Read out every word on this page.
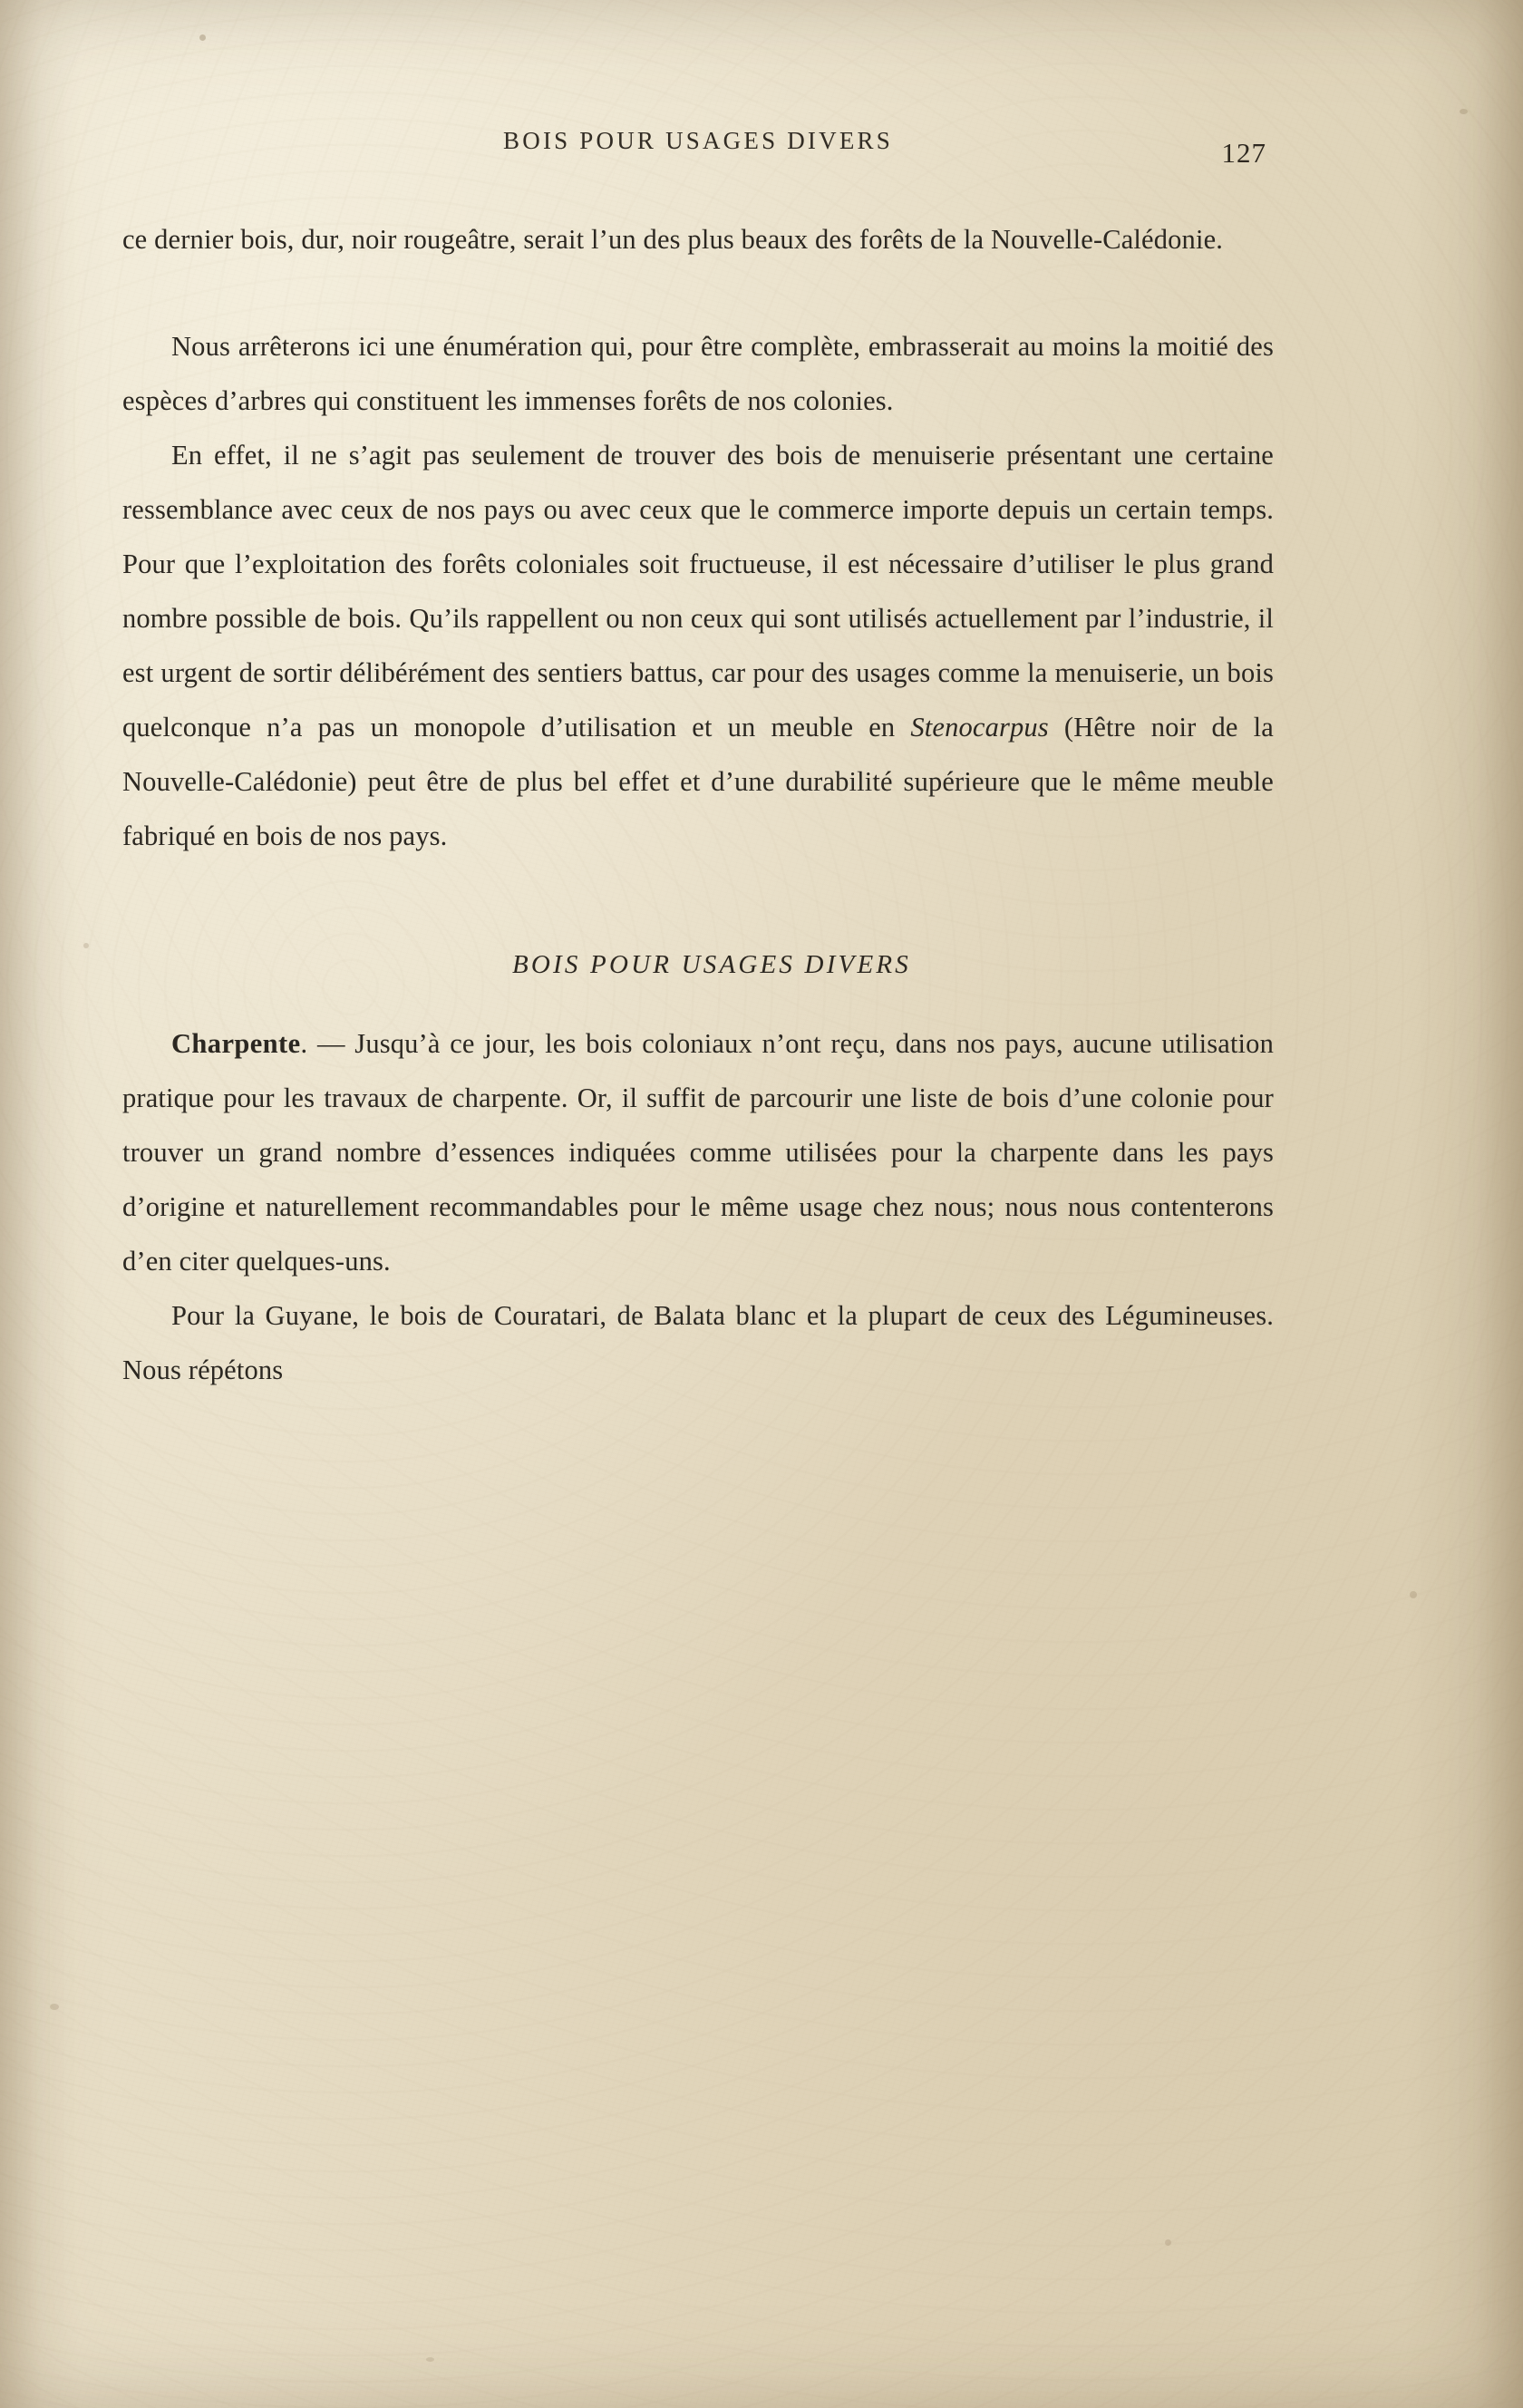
BOIS POUR USAGES DIVERS	127

ce dernier bois, dur, noir rougeâtre, serait l’un des plus beaux des forêts de la Nouvelle-Calédonie.

Nous arrêterons ici une énumération qui, pour être complète, embrasserait au moins la moitié des espèces d’arbres qui constituent les immenses forêts de nos colonies.

En effet, il ne s’agit pas seulement de trouver des bois de menuiserie présentant une certaine ressemblance avec ceux de nos pays ou avec ceux que le commerce importe depuis un certain temps. Pour que l’exploitation des forêts coloniales soit fructueuse, il est nécessaire d’utiliser le plus grand nombre possible de bois. Qu’ils rappellent ou non ceux qui sont utilisés actuellement par l’industrie, il est urgent de sortir délibérément des sentiers battus, car pour des usages comme la menuiserie, un bois quelconque n’a pas un monopole d’utilisation et un meuble en Stenocarpus (Hêtre noir de la Nouvelle-Calédonie) peut être de plus bel effet et d’une durabilité supérieure que le même meuble fabriqué en bois de nos pays.

BOIS POUR USAGES DIVERS

Charpente. — Jusqu’à ce jour, les bois coloniaux n’ont reçu, dans nos pays, aucune utilisation pratique pour les travaux de charpente. Or, il suffit de parcourir une liste de bois d’une colonie pour trouver un grand nombre d’essences indiquées comme utilisées pour la charpente dans les pays d’origine et naturellement recommandables pour le même usage chez nous; nous nous contenterons d’en citer quelques-uns.

Pour la Guyane, le bois de Couratari, de Balata blanc et la plupart de ceux des Légumineuses. Nous répétons
